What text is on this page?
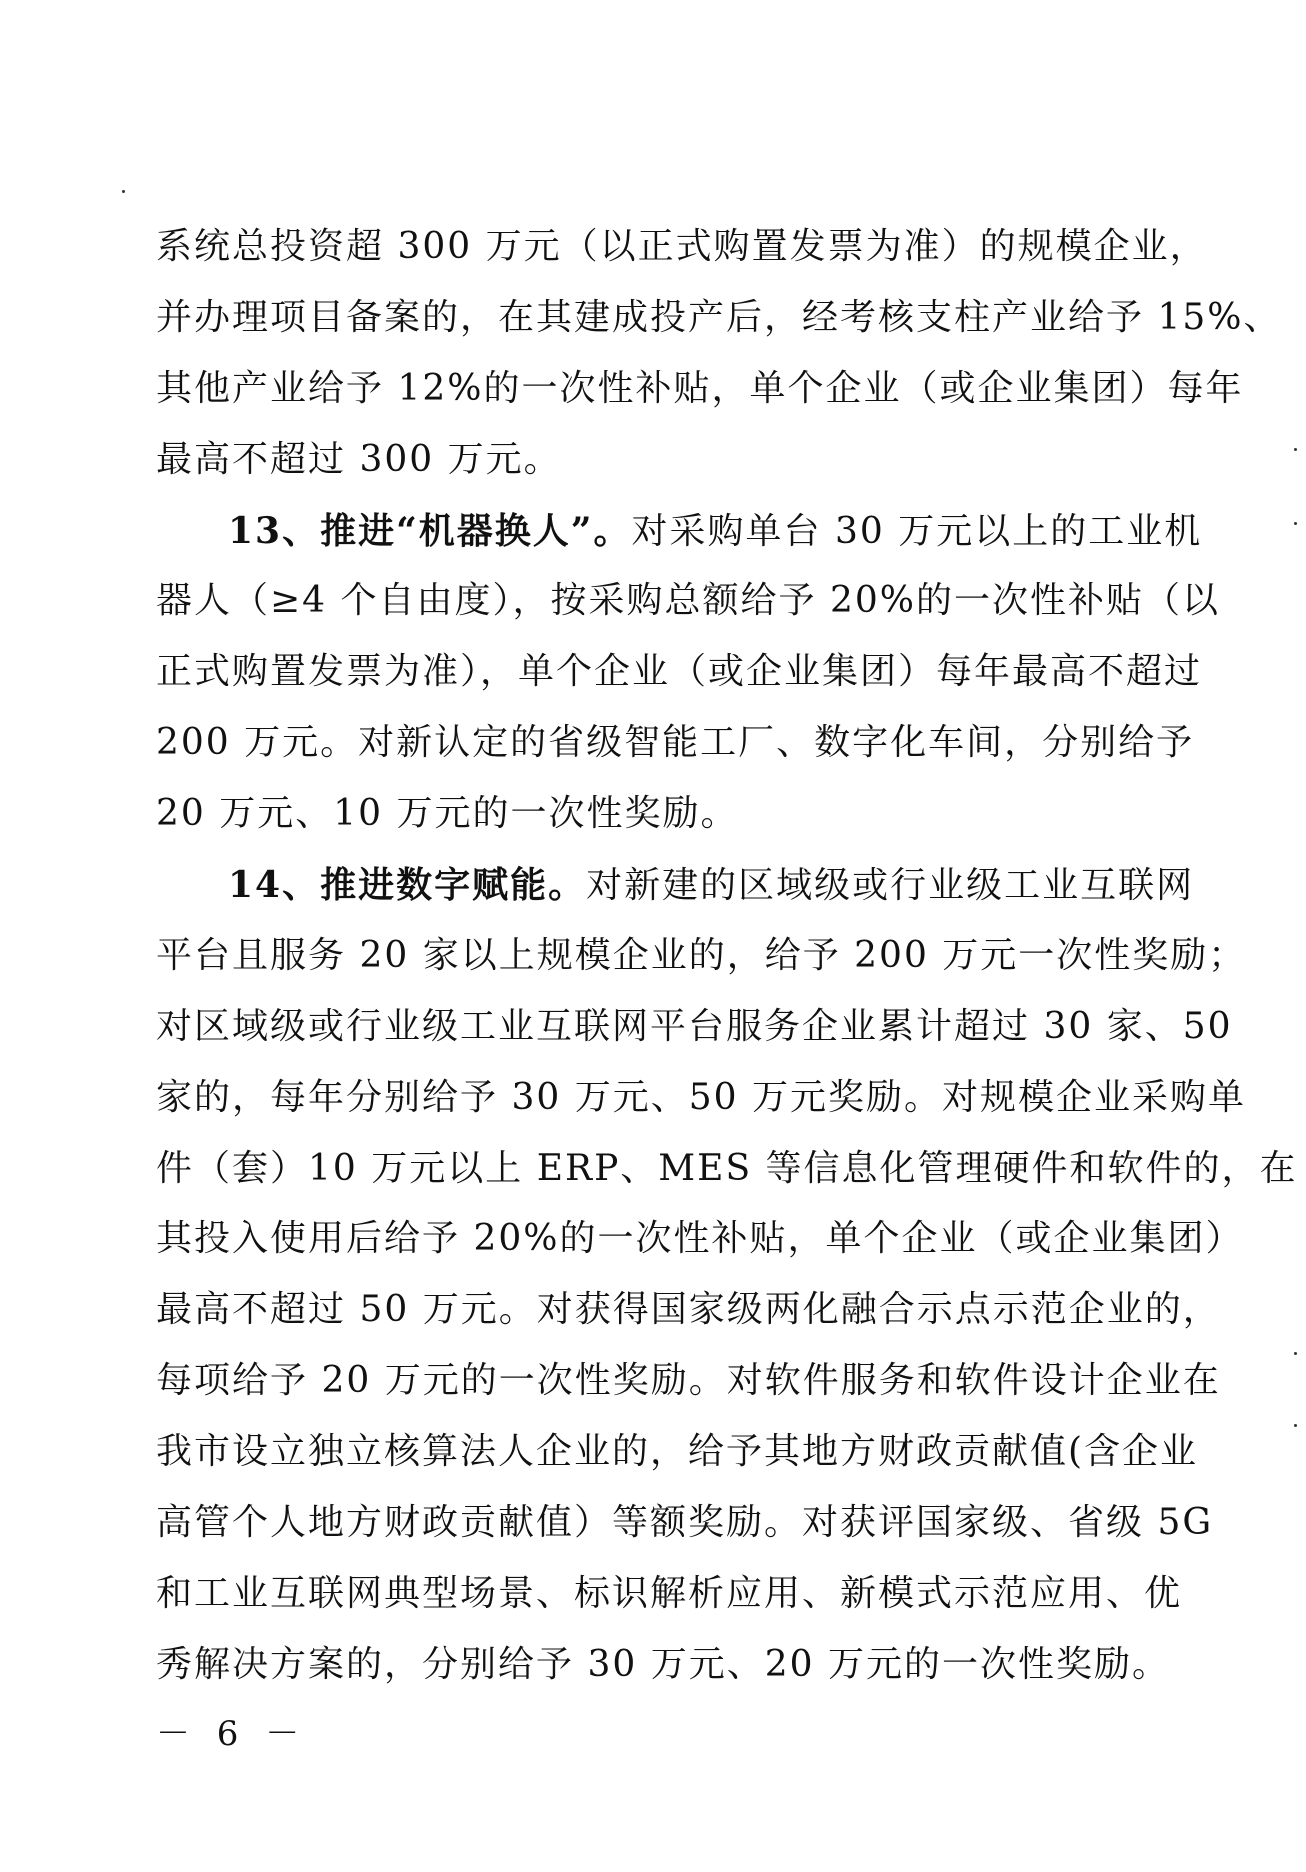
系统总投资超 300 万元（以正式购置发票为准）的规模企业，
并办理项目备案的，在其建成投产后，经考核支柱产业给予 15%、
其他产业给予 12%的一次性补贴，单个企业（或企业集团）每年
最高不超过 300 万元。
13、推进“机器换人”。对采购单台 30 万元以上的工业机
器人（≥4 个自由度），按采购总额给予 20%的一次性补贴（以
正式购置发票为准），单个企业（或企业集团）每年最高不超过
200 万元。对新认定的省级智能工厂、数字化车间，分别给予
20 万元、10 万元的一次性奖励。
14、推进数字赋能。对新建的区域级或行业级工业互联网
平台且服务 20 家以上规模企业的，给予 200 万元一次性奖励；
对区域级或行业级工业互联网平台服务企业累计超过 30 家、50
家的，每年分别给予 30 万元、50 万元奖励。对规模企业采购单
件（套）10 万元以上 ERP、MES 等信息化管理硬件和软件的，在
其投入使用后给予 20%的一次性补贴，单个企业（或企业集团）
最高不超过 50 万元。对获得国家级两化融合示点示范企业的，
每项给予 20 万元的一次性奖励。对软件服务和软件设计企业在
我市设立独立核算法人企业的，给予其地方财政贡献值(含企业
高管个人地方财政贡献值）等额奖励。对获评国家级、省级 5G
和工业互联网典型场景、标识解析应用、新模式示范应用、优
秀解决方案的，分别给予 30 万元、20 万元的一次性奖励。
－ 6 －
